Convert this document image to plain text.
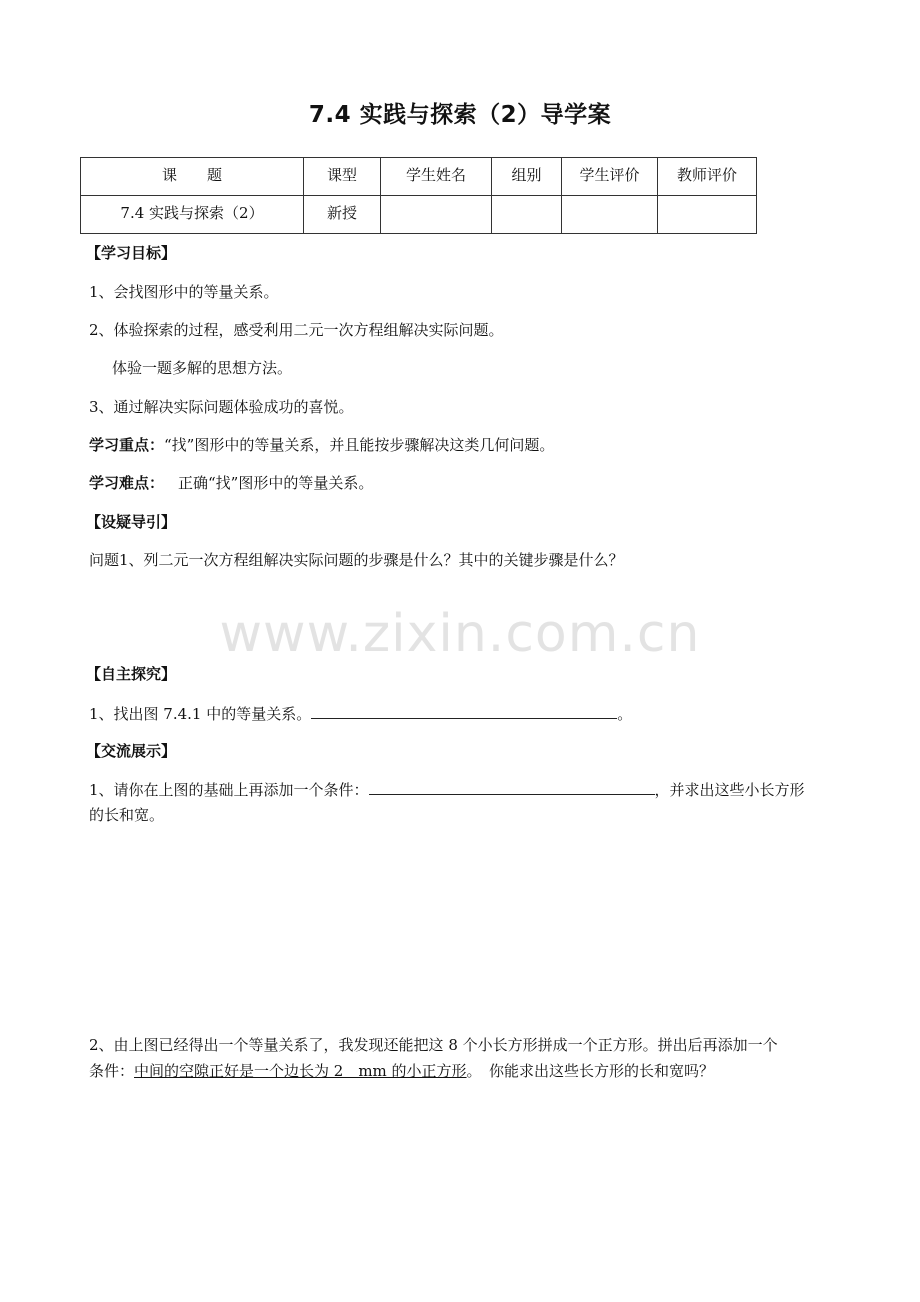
7.4 实践与探索（2）导学案
课　　题	课型	学生姓名	组别	学生评价	教师评价
7.4 实践与探索（2）	新授				
【学习目标】
1、会找图形中的等量关系。
2、体验探索的过程，感受利用二元一次方程组解决实际问题。
体验一题多解的思想方法。
3、通过解决实际问题体验成功的喜悦。
学习重点：“找”图形中的等量关系，并且能按步骤解决这类几何问题。
学习难点： 正确“找”图形中的等量关系。
【设疑导引】
问题1、列二元一次方程组解决实际问题的步骤是什么？其中的关键步骤是什么？
www.zixin.com.cn
【自主探究】
1、找出图 7.4.1 中的等量关系。	。
【交流展示】
1、请你在上图的基础上再添加一个条件：	，并求出这些小长方形
的长和宽。
2、由上图已经得出一个等量关系了，我发现还能把这 8 个小长方形拼成一个正方形。拼出后再添加一个
条件：中间的空隙正好是一个边长为 2　mm 的小正方形。　你能求出这些长方形的长和宽吗？
